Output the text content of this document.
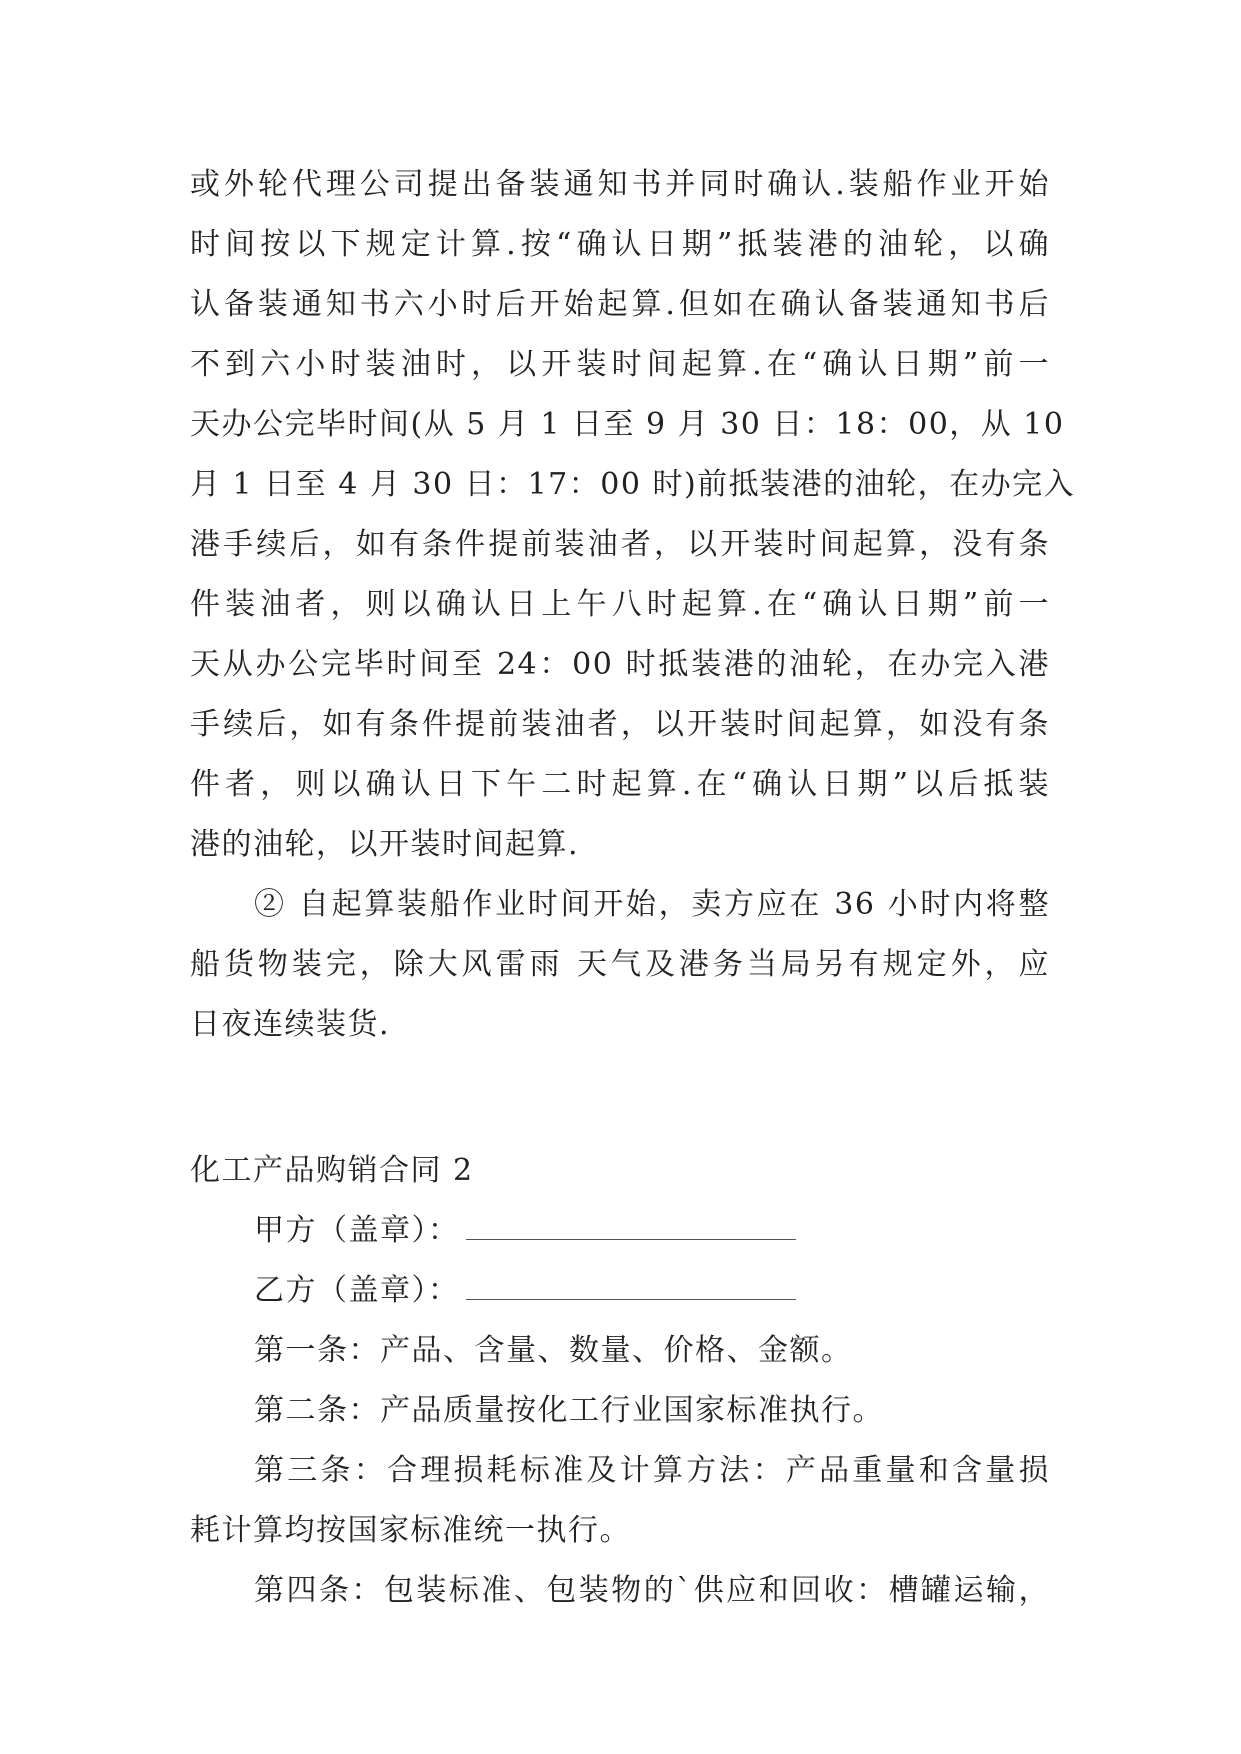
或外轮代理公司提出备装通知书并同时确认.装船作业开始
时间按以下规定计算.按“确认日期”抵装港的油轮，以确
认备装通知书六小时后开始起算.但如在确认备装通知书后
不到六小时装油时，以开装时间起算.在“确认日期”前一
天办公完毕时间(从 5 月 1 日至 9 月 30 日：18：00，从 10
月 1 日至 4 月 30 日：17：00 时)前抵装港的油轮，在办完入
港手续后，如有条件提前装油者，以开装时间起算，没有条
件装油者，则以确认日上午八时起算.在“确认日期”前一
天从办公完毕时间至 24：00 时抵装港的油轮，在办完入港
手续后，如有条件提前装油者，以开装时间起算，如没有条
件者，则以确认日下午二时起算.在“确认日期”以后抵装
港的油轮，以开装时间起算.
② 自起算装船作业时间开始，卖方应在 36 小时内将整
船货物装完，除大风雷雨 天气及港务当局另有规定外，应
日夜连续装货.
化工产品购销合同 2
甲方（盖章）：
乙方（盖章）：
第一条：产品、含量、数量、价格、金额。
第二条：产品质量按化工行业国家标准执行。
第三条：合理损耗标准及计算方法：产品重量和含量损
耗计算均按国家标准统一执行。
第四条：包装标准、包装物的`供应和回收：槽罐运输，
